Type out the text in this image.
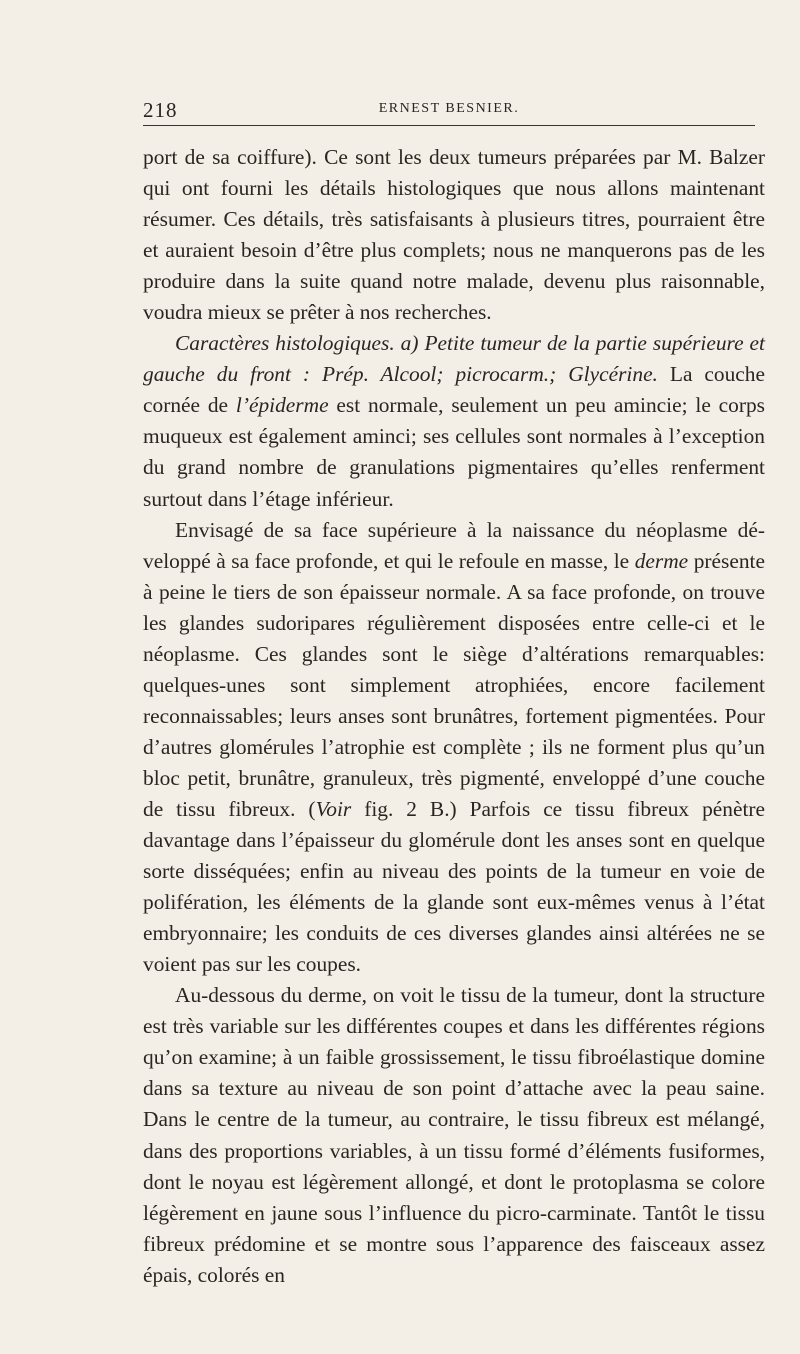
218	ERNEST BESNIER.

port de sa coiffure). Ce sont les deux tumeurs préparées par M. Balzer qui ont fourni les détails histologiques que nous allons maintenant résumer. Ces détails, très satisfaisants à plusieurs titres, pourraient être et auraient besoin d’être plus complets; nous ne manquerons pas de les produire dans la suite quand notre malade, devenu plus raisonnable, voudra mieux se prêter à nos recherches.

Caractères histologiques. a) Petite tumeur de la partie supérieure et gauche du front : Prép. Alcool; picrocarm.; Glycérine. La couche cornée de l’épiderme est normale, seulement un peu amincie; le corps muqueux est également aminci; ses cellules sont normales à l’exception du grand nombre de granulations pigmentaires qu’elles renferment surtout dans l’étage inférieur.

Envisagé de sa face supérieure à la naissance du néoplasme développé à sa face profonde, et qui le refoule en masse, le derme présente à peine le tiers de son épaisseur normale. A sa face profonde, on trouve les glandes sudoripares régulièrement disposées entre celle-ci et le néoplasme. Ces glandes sont le siège d’altérations remarquables: quelques-unes sont simplement atrophiées, encore facilement reconnaissables; leurs anses sont brunâtres, fortement pigmentées. Pour d’autres glomérules l’atrophie est complète ; ils ne forment plus qu’un bloc petit, brunâtre, granuleux, très pigmenté, enveloppé d’une couche de tissu fibreux. (Voir fig. 2 B.) Parfois ce tissu fibreux pénètre davantage dans l’épaisseur du glomérule dont les anses sont en quelque sorte disséquées; enfin au niveau des points de la tumeur en voie de polifération, les éléments de la glande sont eux-mêmes venus à l’état embryonnaire; les conduits de ces diverses glandes ainsi altérées ne se voient pas sur les coupes.

Au-dessous du derme, on voit le tissu de la tumeur, dont la structure est très variable sur les différentes coupes et dans les différentes régions qu’on examine; à un faible grossissement, le tissu fibroélastique domine dans sa texture au niveau de son point d’attache avec la peau saine. Dans le centre de la tumeur, au contraire, le tissu fibreux est mélangé, dans des proportions variables, à un tissu formé d’éléments fusiformes, dont le noyau est légèrement allongé, et dont le protoplasma se colore légèrement en jaune sous l’influence du picro-carminate. Tantôt le tissu fibreux prédomine et se montre sous l’apparence des faisceaux assez épais, colorés en
